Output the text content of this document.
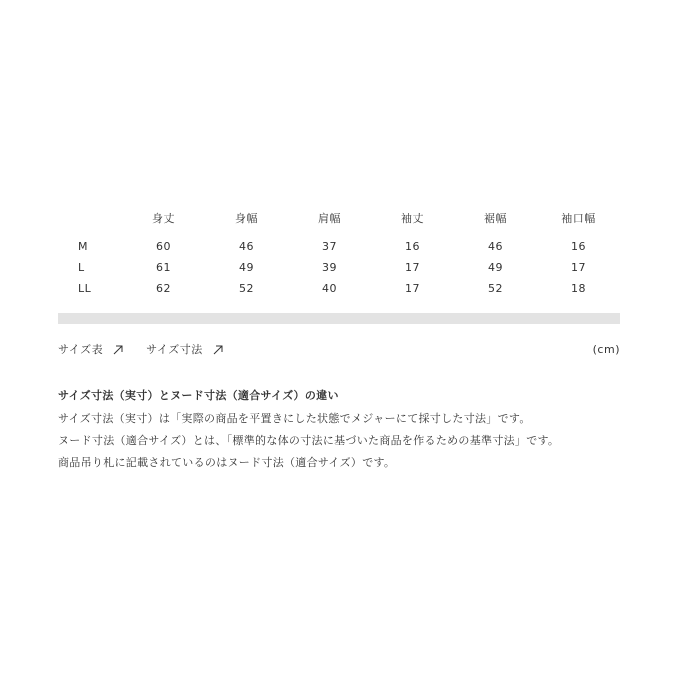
	身丈	身幅	肩幅	袖丈	裾幅	袖口幅
M	60	46	37	16	46	16
L	61	49	39	17	49	17
LL	62	52	40	17	52	18
サイズ表	サイズ寸法	(cm)

サイズ寸法（実寸）とヌード寸法（適合サイズ）の違い

サイズ寸法（実寸）は「実際の商品を平置きにした状態でメジャーにて採寸した寸法」です。

ヌード寸法（適合サイズ）とは、「標準的な体の寸法に基づいた商品を作るための基準寸法」です。

商品吊り札に記載されているのはヌード寸法（適合サイズ）です。
